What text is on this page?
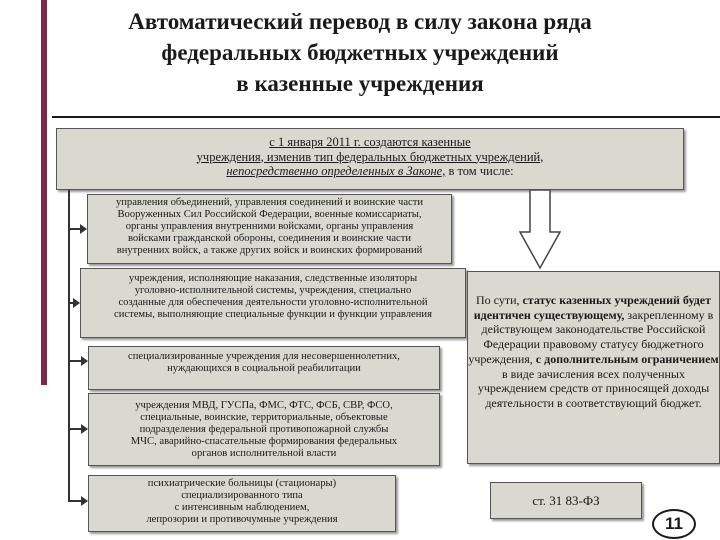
Автоматический перевод в силу закона ряда
федеральных бюджетных учреждений
в казенные учреждения
с 1 января 2011 г. создаются казенные
учреждения, изменив тип федеральных бюджетных учреждений,
непосредственно определенных в Законе, в том числе:
управления объединений, управления соединений и воинские части
Вооруженных Сил Российской Федерации, военные комиссариаты,
органы управления внутренними войсками, органы управления
войсками гражданской обороны, соединения и воинские части
внутренних войск, а также других войск и воинских формирований
учреждения, исполняющие наказания, следственные изоляторы
уголовно-исполнительной системы, учреждения, специально
созданные для обеспечения деятельности уголовно-исполнительной
системы, выполняющие специальные функции и функции управления
специализированные учреждения для несовершеннолетних,
нуждающихся в социальной реабилитации
учреждения МВД, ГУСПа, ФМС, ФТС, ФСБ, СВР, ФСО,
специальные, воинские, территориальные, объектовые
подразделения федеральной противопожарной службы
МЧС, аварийно-спасательные формирования федеральных
органов исполнительной власти
психиатрические больницы (стационары)
специализированного типа
с интенсивным наблюдением,
лепрозории и противочумные учреждения
По сути, статус казенных учреждений будет идентичен существующему, закрепленному в действующем законодательстве Российской Федерации правовому статусу бюджетного учреждения, с дополнительным ограничением в виде зачисления всех полученных учреждением средств от приносящей доходы деятельности в соответствующий бюджет.
ст. 31 83-ФЗ
11
